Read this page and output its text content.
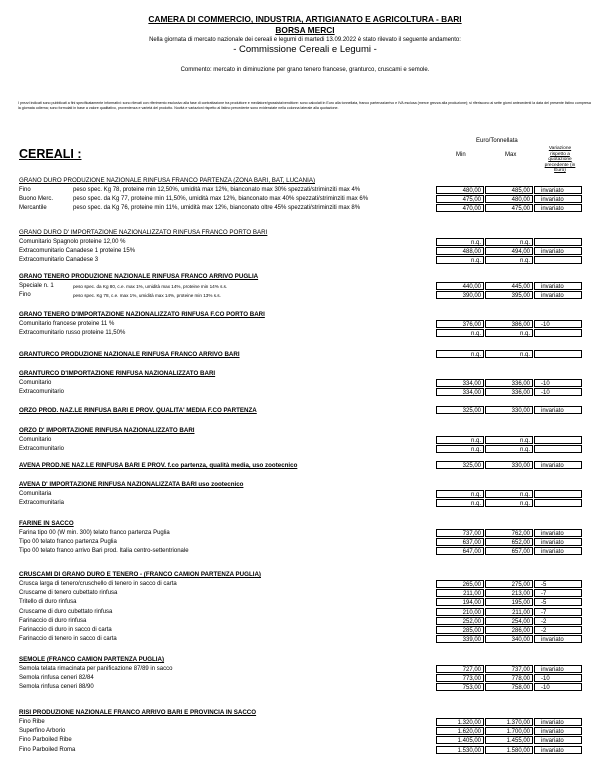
CAMERA DI COMMERCIO, INDUSTRIA, ARTIGIANATO E AGRICOLTURA - BARI
BORSA MERCI
Nella giornata di mercato nazionale dei cereali e legumi di martedi 13.09.2022 è stato rilevato il seguente andamento:
- Commissione Cereali e Legumi -
Commento: mercato in diminuzione per grano tenero francese, granturco, cruscami e semole.
I prezzi indicati sono pubblicati a fini specificatamente informativi: sono rilevati con riferimento esclusivo alla fase di contrattazione tra produttore e mediatore/grossista/venditore: sono calcolati in Euro alla tonnellata, franco partenza/arrivo e IVA esclusa (merce grezza alla produzione); si riferiscono ai sette giorni antecedenti la data del presente listino compresa la giornata odierna; sono formulati in base a valore qualitativo, provenienza e varietà del prodotto. Novità e variazioni rispetto al listino precedente sono evidenziate nella colonna laterale alla quotazione.
Euro/Tonnellata
Min	Max
Variazione rispetto a quotazione precedente (in Euro)
CEREALI :
GRANO DURO PRODUZIONE NAZIONALE RINFUSA FRANCO PARTENZA (ZONA BARI, BAT, LUCANIA)
Fino	peso spec. Kg 78, proteine min 12,50%, umidità max 12%, bianconato max 30% spezzati/striminziti max 4%	480,00	485,00	invariato
Buono Merc.	peso spec. da Kg 77, proteine min 11,50%, umidità max 12%, bianconato max 40% spezzati/striminziti max 6%	475,00	480,00	invariato
Mercantile	peso spec. da Kg 76, proteine min 11%, umidità max 12%, bianconato oltre 45% spezzati/striminziti max 8%	470,00	475,00	invariato
GRANO DURO D' IMPORTAZIONE NAZIONALIZZATO RINFUSA FRANCO PORTO BARI
Comunitario Spagnolo proteine 12,00 %	n.q.	n.q.
Extracomunitario Canadese 1 proteine 15%	488,00	494,00	invariato
Extracomunitario Canadese 3	n.q.	n.q.
GRANO TENERO PRODUZIONE NAZIONALE RINFUSA FRANCO ARRIVO PUGLIA
Speciale n. 1	peso spec. da Kg 80, c.e. max 1%, umidità max 14%, proteine min 14% s.s.	440,00	445,00	invariato
Fino	peso spec. Kg 78, c.e. max 1%, umidità max 14%, proteine min 13% s.s.	390,00	395,00	invariato
GRANO TENERO D'IMPORTAZIONE NAZIONALIZZATO RINFUSA F.CO PORTO BARI
Comunitario francese proteine 11 %	376,00	386,00	-10
Extracomunitario russo proteine 11,50%	n.q.	n.q.
GRANTURCO PRODUZIONE NAZIONALE RINFUSA FRANCO ARRIVO BARI	n.q.	n.q.
GRANTURCO D'IMPORTAZIONE RINFUSA NAZIONALIZZATO BARI
Comunitario	334,00	336,00	-10
Extracomunitario	334,00	336,00	-10
ORZO PROD. NAZ.LE RINFUSA BARI E PROV. QUALITA' MEDIA F.CO PARTENZA	325,00	330,00	invariato
ORZO D' IMPORTAZIONE RINFUSA NAZIONALIZZATO BARI
Comunitario	n.q.	n.q.
Extracomunitario	n.q.	n.q.
AVENA PROD.NE NAZ.LE RINFUSA BARI E PROV. f.co partenza, qualità media, uso zootecnico	325,00	330,00	invariato
AVENA D' IMPORTAZIONE RINFUSA NAZIONALIZZATA BARI uso zootecnico
Comunitaria	n.q.	n.q.
Extracomunitaria	n.q.	n.q.
FARINE IN SACCO
Farina tipo 00 (W min. 300) telato franco partenza Puglia	737,00	762,00	invariato
Tipo 00 telato franco partenza Puglia	637,00	652,00	invariato
Tipo 00 telato franco arrivo Bari prod. Italia centro-settentrionale	647,00	657,00	invariato
CRUSCAMI DI GRANO DURO E TENERO - (FRANCO CAMION PARTENZA PUGLIA)
Crusca larga di tenero/cruschello di tenero in sacco di carta	265,00	275,00	-5
Cruscame di tenero cubettato rinfusa	211,00	213,00	-7
Tritello di duro rinfusa	194,00	195,00	-5
Cruscame di duro cubettato rinfusa	210,00	211,00	-7
Farinaccio di duro rinfusa	252,00	254,00	-2
Farinaccio di duro in sacco di carta	285,00	286,00	-2
Farinaccio di tenero in sacco di carta	339,00	340,00	invariato
SEMOLE (FRANCO CAMION PARTENZA PUGLIA)
Semola telata rimacinata per panificazione 87/89 in sacco	727,00	737,00	invariato
Semola rinfusa ceneri 82/84	773,00	778,00	-10
Semola rinfusa ceneri 88/90	753,00	758,00	-10
RISI PRODUZIONE NAZIONALE FRANCO ARRIVO BARI E PROVINCIA IN SACCO
Fino Ribe	1.320,00	1.370,00	invariato
Superfino Arborio	1.620,00	1.700,00	invariato
Fino Parboiled Ribe	1.405,00	1.455,00	invariato
Fino Parboiled Roma	1.530,00	1.580,00	invariato
